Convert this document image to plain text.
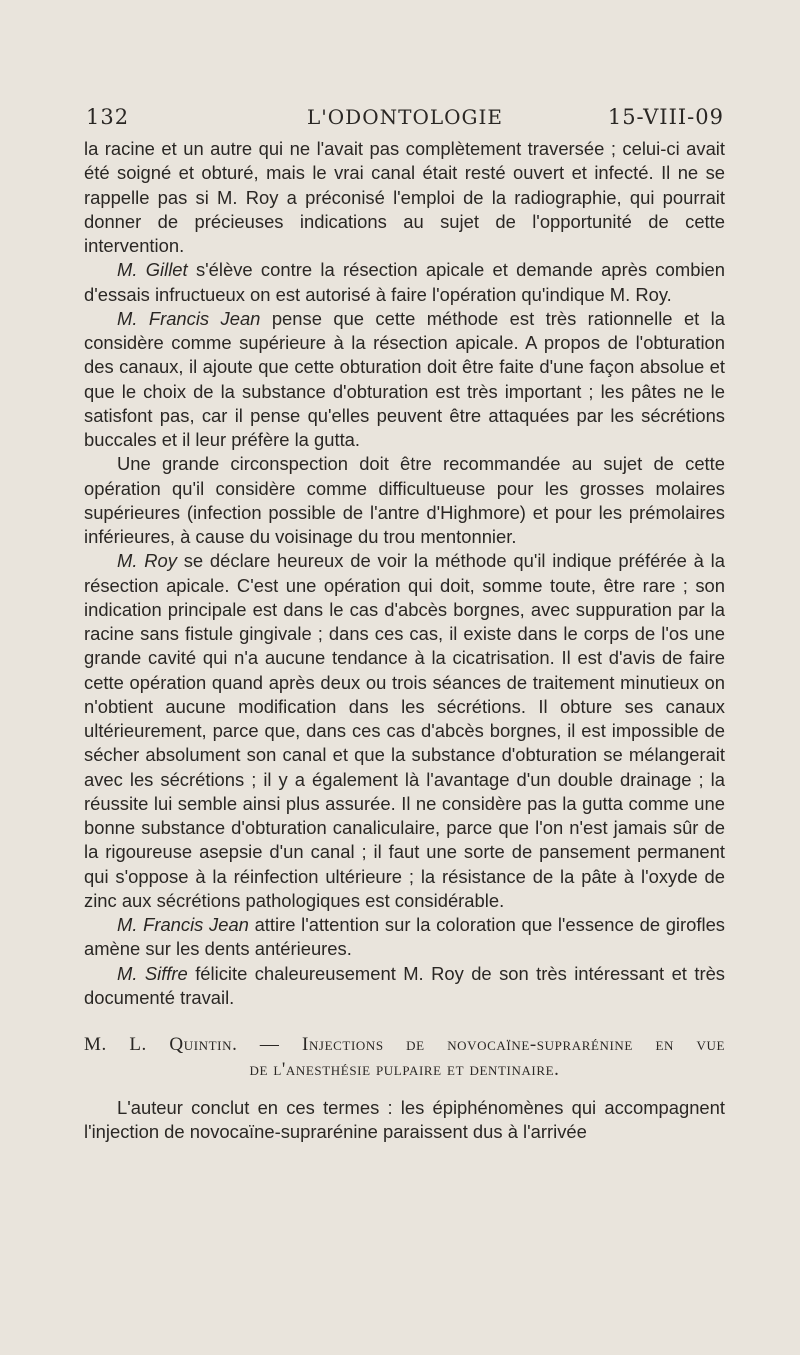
132	L'ODONTOLOGIE	15-VIII-09

la racine et un autre qui ne l'avait pas complètement traversée ; celui-ci avait été soigné et obturé, mais le vrai canal était resté ouvert et infecté. Il ne se rappelle pas si M. Roy a préconisé l'emploi de la radiographie, qui pourrait donner de précieuses indications au sujet de l'opportunité de cette intervention.

M. Gillet s'élève contre la résection apicale et demande après combien d'essais infructueux on est autorisé à faire l'opération qu'indique M. Roy.

M. Francis Jean pense que cette méthode est très rationnelle et la considère comme supérieure à la résection apicale. A propos de l'obturation des canaux, il ajoute que cette obturation doit être faite d'une façon absolue et que le choix de la substance d'obturation est très important ; les pâtes ne le satisfont pas, car il pense qu'elles peuvent être attaquées par les sécrétions buccales et il leur préfère la gutta.

Une grande circonspection doit être recommandée au sujet de cette opération qu'il considère comme difficultueuse pour les grosses molaires supérieures (infection possible de l'antre d'Highmore) et pour les prémolaires inférieures, à cause du voisinage du trou mentonnier.

M. Roy se déclare heureux de voir la méthode qu'il indique préférée à la résection apicale. C'est une opération qui doit, somme toute, être rare ; son indication principale est dans le cas d'abcès borgnes, avec suppuration par la racine sans fistule gingivale ; dans ces cas, il existe dans le corps de l'os une grande cavité qui n'a aucune tendance à la cicatrisation. Il est d'avis de faire cette opération quand après deux ou trois séances de traitement minutieux on n'obtient aucune modification dans les sécrétions. Il obture ses canaux ultérieurement, parce que, dans ces cas d'abcès borgnes, il est impossible de sécher absolument son canal et que la substance d'obturation se mélangerait avec les sécrétions ; il y a également là l'avantage d'un double drainage ; la réussite lui semble ainsi plus assurée. Il ne considère pas la gutta comme une bonne substance d'obturation canaliculaire, parce que l'on n'est jamais sûr de la rigoureuse asepsie d'un canal ; il faut une sorte de pansement permanent qui s'oppose à la réinfection ultérieure ; la résistance de la pâte à l'oxyde de zinc aux sécrétions pathologiques est considérable.

M. Francis Jean attire l'attention sur la coloration que l'essence de girofles amène sur les dents antérieures.

M. Siffre félicite chaleureusement M. Roy de son très intéressant et très documenté travail.

M. L. Quintin. — Injections de novocaïne-suprarénine en vue
de l'anesthésie pulpaire et dentinaire.

L'auteur conclut en ces termes : les épiphénomènes qui accompagnent l'injection de novocaïne-suprarénine paraissent dus à l'arrivée
